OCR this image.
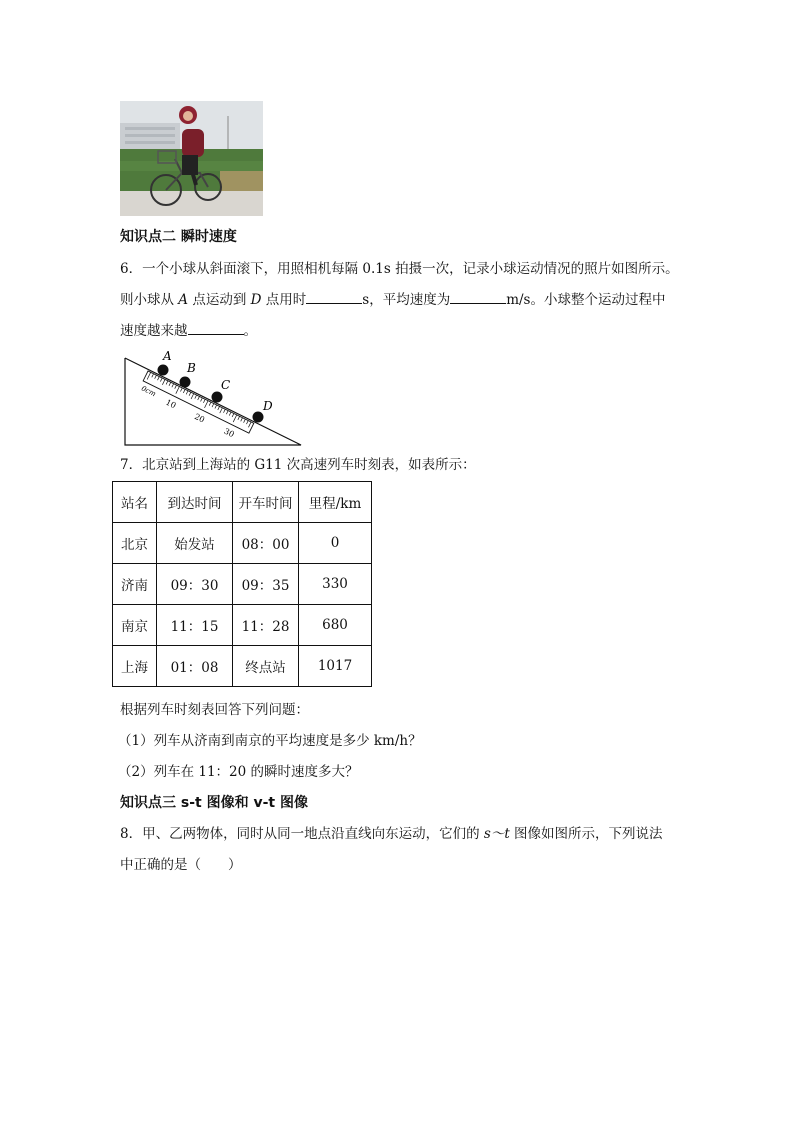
知识点二 瞬时速度
6．一个小球从斜面滚下，用照相机每隔 0.1s 拍摄一次，记录小球运动情况的照片如图所示。
则小球从 A 点运动到 D 点用时	s，平均速度为	m/s。小球整个运动过程中
速度越来越	。
0cm
10
20
30
A
B
C
D
7．北京站到上海站的 G11 次高速列车时刻表，如表所示：
站名	到达时间	开车时间	里程/km
北京	始发站	08：00	0
济南	09：30	09：35	330
南京	11：15	11：28	680
上海	01：08	终点站	1017
根据列车时刻表回答下列问题：
（1）列车从济南到南京的平均速度是多少 km/h？
（2）列车在 11：20 的瞬时速度多大？
知识点三 s-t 图像和 v-t 图像
8．甲、乙两物体，同时从同一地点沿直线向东运动，它们的 s～t 图像如图所示，下列说法
中正确的是（　　）
